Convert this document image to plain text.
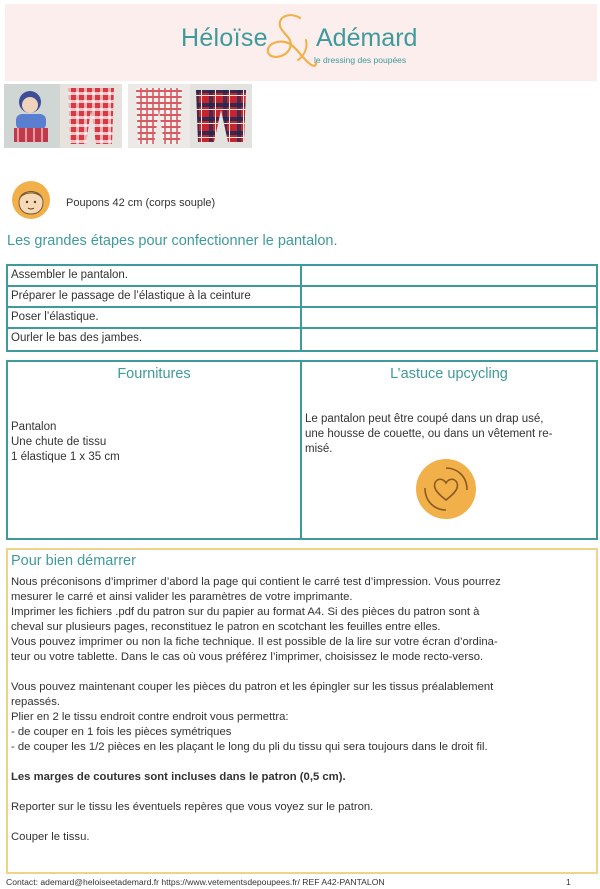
Héloïse Adémard
le dressing des poupées
Poupons 42 cm (corps souple)
Les grandes étapes pour confectionner le pantalon.
Assembler le pantalon.
Préparer le passage de l’élastique à la ceinture
Poser l’élastique.
Ourler le bas des jambes.
Fournitures
Pantalon
Une chute de tissu
1 élastique 1 x 35 cm
L’astuce upcycling
Le pantalon peut être coupé dans un drap usé,
une housse de couette, ou dans un vêtement re-
misé.
Pour bien démarrer

Nous préconisons d’imprimer d’abord la page qui contient le carré test d’impression. Vous pourrez

mesurer le carré et ainsi valider les paramètres de votre imprimante.

Imprimer les fichiers .pdf du patron sur du papier au format A4. Si des pièces du patron sont à

cheval sur plusieurs pages, reconstituez le patron en scotchant les feuilles entre elles.

Vous pouvez imprimer ou non la fiche technique. Il est possible de la lire sur votre écran d’ordina-

teur ou votre tablette. Dans le cas où vous préférez l’imprimer, choisissez le mode recto-verso.

Vous pouvez maintenant couper les pièces du patron et les épingler sur les tissus préalablement

repassés.

Plier en 2 le tissu endroit contre endroit vous permettra:

- de couper en 1 fois les pièces symétriques

- de couper les 1/2 pièces en les plaçant le long du pli du tissu qui sera toujours dans le droit fil.

Les marges de coutures sont incluses dans le patron (0,5 cm).

Reporter sur le tissu les éventuels repères que vous voyez sur le patron.

Couper le tissu.

Contact: ademard@heloiseetademard.fr https://www.vetementsdepoupees.fr/ REF A42-PANTALON	1
